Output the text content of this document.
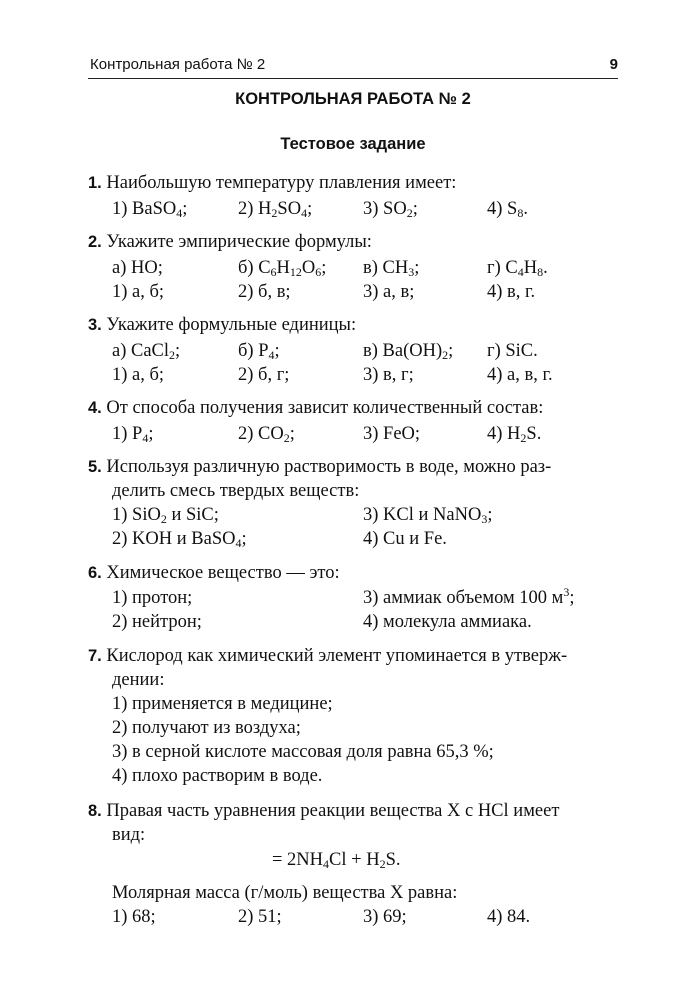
Контрольная работа № 2	9
КОНТРОЛЬНАЯ РАБОТА № 2
Тестовое задание
1. Наибольшую температуру плавления имеет:
1) BaSO$_4$;	2) $H_2SO_4$;	3) $SO_2$;	4) $S_8$.
2. Укажите эмпирические формулы:
а) HO;	б) $C_6H_{12}O_6$; в) $CH_3$;	г) $C_4H_8$.
1) а, б;	2) б, в;	3) а, в;	4) в, г.
3. Укажите формульные единицы:
а) CaCl$_2$;	б) $P_4$;	в) $Ba(OH)_2$; г) SiC.
1) а, б;	2) б, г;	3) в, г;	4) а, в, г.
4. От способа получения зависит количественный состав:
1) $P_4$;	2) $CO_2$;	3) FeO;	4) $H_2S$.
5. Используя различную растворимость в воде, можно раз-
делить смесь твердых веществ:
1) SiO$_2$ и SiC;	3) KCl и NaNO$_3$;
2) KOH и BaSO$_4$;	4) Cu и Fe.
6. Химическое вещество — это:
1) протон;	3) аммиак объемом 100 $м^3$;
2) нейтрон;	4) молекула аммиака.
7. Кислород как химический элемент упоминается в утверж-
дении:
1) применяется в медицине;
2) получают из воздуха;
3) в серной кислоте массовая доля равна 65,3 %;
4) плохо растворим в воде.
8. Правая часть уравнения реакции вещества X с HCl имеет
вид:
= $2NH_4Cl + H_2S$.
Молярная масса (г/моль) вещества X равна:
1) 68;	2) 51;	3) 69;	4) 84.
